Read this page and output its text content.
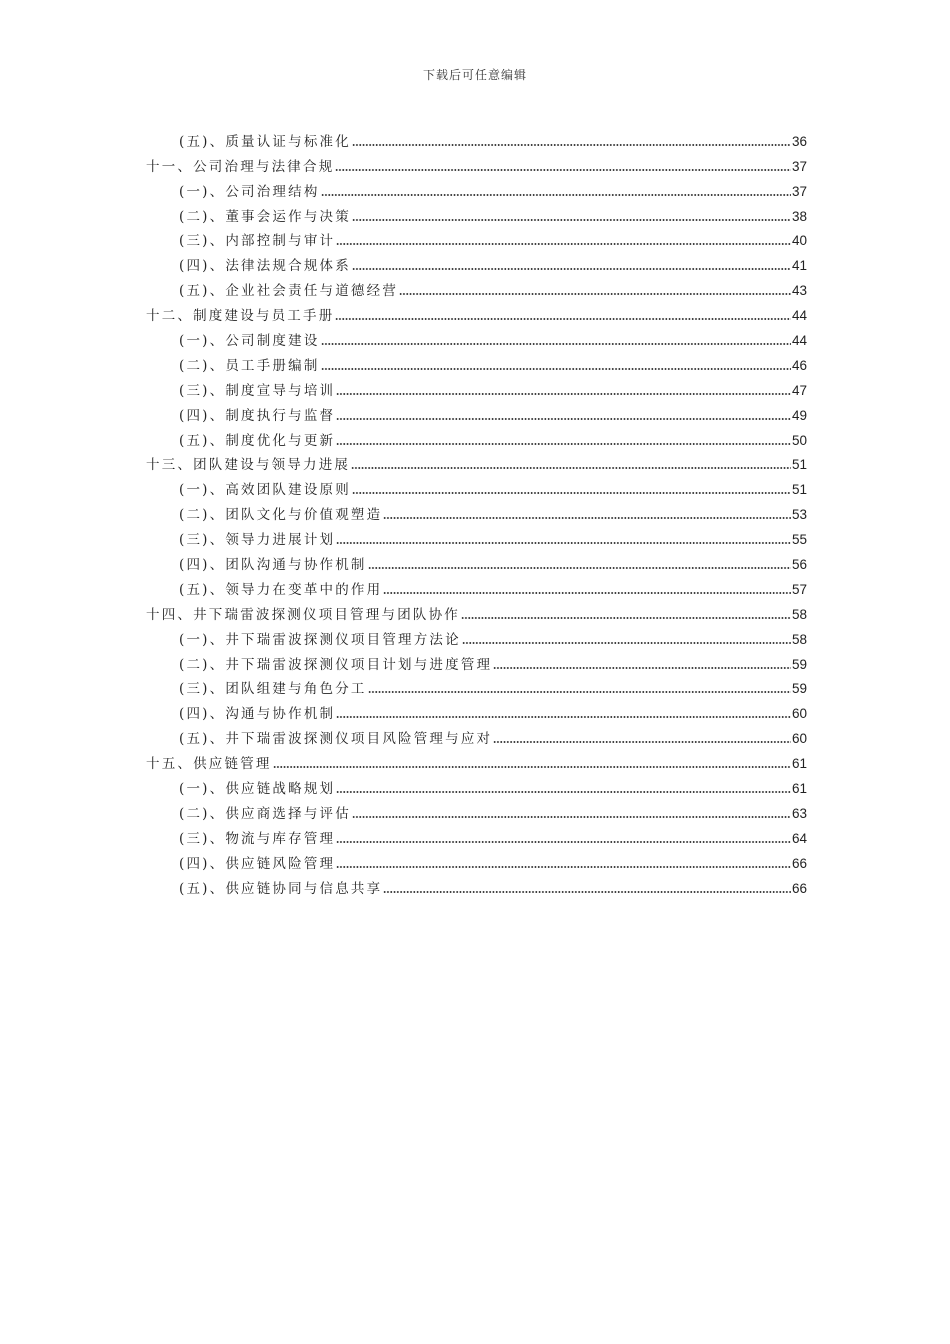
下载后可任意编辑
(五)、质量认证与标准化	36
十一、公司治理与法律合规	37
(一)、公司治理结构	37
(二)、董事会运作与决策	38
(三)、内部控制与审计	40
(四)、法律法规合规体系	41
(五)、企业社会责任与道德经营	43
十二、制度建设与员工手册	44
(一)、公司制度建设	44
(二)、员工手册编制	46
(三)、制度宣导与培训	47
(四)、制度执行与监督	49
(五)、制度优化与更新	50
十三、团队建设与领导力进展	51
(一)、高效团队建设原则	51
(二)、团队文化与价值观塑造	53
(三)、领导力进展计划	55
(四)、团队沟通与协作机制	56
(五)、领导力在变革中的作用	57
十四、井下瑞雷波探测仪项目管理与团队协作	58
(一)、井下瑞雷波探测仪项目管理方法论	58
(二)、井下瑞雷波探测仪项目计划与进度管理	59
(三)、团队组建与角色分工	59
(四)、沟通与协作机制	60
(五)、井下瑞雷波探测仪项目风险管理与应对	60
十五、供应链管理	61
(一)、供应链战略规划	61
(二)、供应商选择与评估	63
(三)、物流与库存管理	64
(四)、供应链风险管理	66
(五)、供应链协同与信息共享	66
